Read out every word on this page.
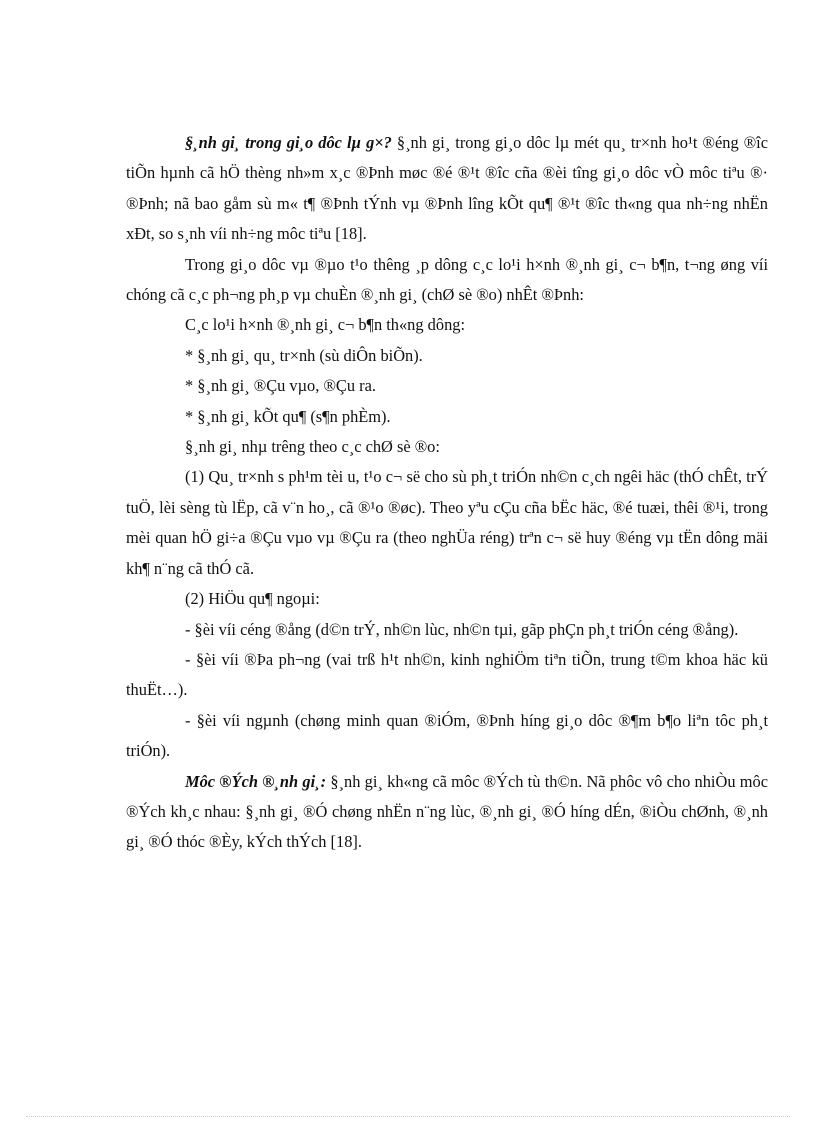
§¸nh gi¸ trong gi¸o dôc lµ g×? §¸nh gi¸ trong gi¸o dôc lµ mét qu¸ tr×nh ho¹t ®éng ®îc tiÕn hµnh cã hÖ thèng nh»m x¸c ®Þnh møc ®é ®¹t ®îc cña ®èi tîng gi¸o dôc vÒ môc tiªu ®· ®Þnh; nã bao gåm sù m« t¶ ®Þnh tÝnh vµ ®Þnh lîng kÕt qu¶ ®¹t ®îc th«ng qua nh÷ng nhËn xÐt, so s¸nh víi nh÷ng môc tiªu [18].

Trong gi¸o dôc vµ ®µo t¹o thêng ¸p dông c¸c lo¹i h×nh ®¸nh gi¸ c¬ b¶n, t¬ng øng víi chóng cã c¸c ph¬ng ph¸p vµ chuÈn ®¸nh gi¸ (chØ sè ®o) nhÊt ®Þnh:

C¸c lo¹i h×nh ®¸nh gi¸ c¬ b¶n th«ng dông:

* §¸nh gi¸ qu¸ tr×nh (sù diÔn biÕn).

* §¸nh gi¸ ®Çu vµo, ®Çu ra.

* §¸nh gi¸ kÕt qu¶ (s¶n phÈm).

§¸nh gi¸ nhµ trêng theo c¸c chØ sè ®o:

(1) Qu¸ tr×nh s ph¹m tèi u, t¹o c¬ së cho sù ph¸t triÓn nh©n c¸ch ngêi häc (thÓ chÊt, trÝ tuÖ, lèi sèng tù lËp, cã v¨n ho¸, cã ®¹o ®øc). Theo yªu cÇu cña bËc häc, ®é tuæi, thêi ®¹i, trong mèi quan hÖ gi÷a ®Çu vµo vµ ®Çu ra (theo nghÜa réng) trªn c¬ së huy ®éng vµ tËn dông mäi kh¶ n¨ng cã thÓ cã.

(2) HiÖu qu¶ ngoµi:

- §èi víi céng ®ång (d©n trÝ, nh©n lùc, nh©n tµi, gãp phÇn ph¸t triÓn céng ®ång).

- §èi víi ®Þa ph¬ng (vai trß h¹t nh©n, kinh nghiÖm tiªn tiÕn, trung t©m khoa häc kü thuËt…).

- §èi víi ngµnh (chøng minh quan ®iÓm, ®Þnh híng gi¸o dôc ®¶m b¶o liªn tôc ph¸t triÓn).

Môc ®Ých ®¸nh gi¸: §¸nh gi¸ kh«ng cã môc ®Ých tù th©n. Nã phôc vô cho nhiÒu môc ®Ých kh¸c nhau: §¸nh gi¸ ®Ó chøng nhËn n¨ng lùc, ®¸nh gi¸ ®Ó híng dÉn, ®iÒu chØnh, ®¸nh gi¸ ®Ó thóc ®Èy, kÝch thÝch [18].
